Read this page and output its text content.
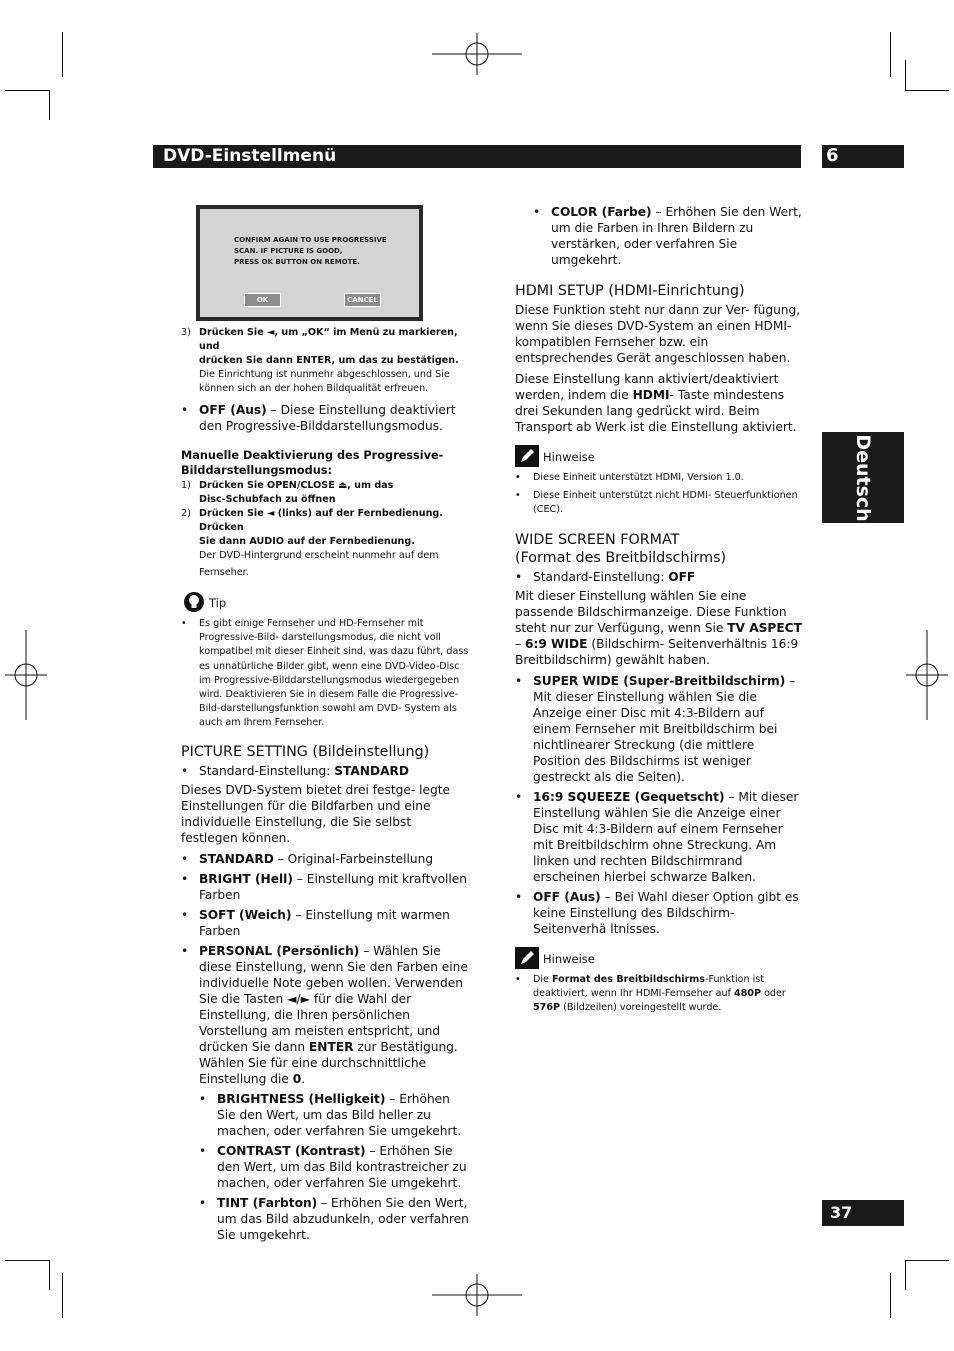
DVD-Einstellmenü	6
Deutsch
37
CONFIRM AGAIN TO USE PROGRESSIVE
SCAN. IF PICTURE IS GOOD,
PRESS OK BUTTON ON REMOTE.
OK	CANCEL
3) Drücken Sie ◄, um „OK“ im Menü zu markieren, und
drücken Sie dann ENTER, um das zu bestätigen.
Die Einrichtung ist nunmehr abgeschlossen, und Sie
können sich an der hohen Bildqualität erfreuen.
• OFF (Aus) – Diese Einstellung deaktiviert den Progressive-Bilddarstellungsmodus.
Manuelle Deaktivierung des Progressive-Bilddarstellungsmodus:
1) Drücken Sie OPEN/CLOSE ⏏, um das
Disc-Schubfach zu öffnen
2) Drücken Sie ◄ (links) auf der Fernbedienung. Drücken
Sie dann AUDIO auf der Fernbedienung.
Der DVD-Hintergrund erscheint nunmehr auf dem
Fernseher.
Tip
• Es gibt einige Fernseher und HD-Fernseher mit Progressive-Bild- darstellungsmodus, die nicht voll kompatibel mit dieser Einheit sind, was dazu führt, dass es unnatürliche Bilder gibt, wenn eine DVD-Video-Disc im Progressive-Bilddarstellungsmodus wiedergegeben wird. Deaktivieren Sie in diesem Falle die Progressive-Bild-darstellungsfunktion sowohl am DVD- System als auch am Ihrem Fernseher.
PICTURE SETTING (Bildeinstellung)
• Standard-Einstellung: STANDARD

Dieses DVD-System bietet drei festge- legte Einstellungen für die Bildfarben und eine individuelle Einstellung, die Sie selbst festlegen können.

• STANDARD – Original-Farbeinstellung
• BRIGHT (Hell) – Einstellung mit kraftvollen Farben
• SOFT (Weich) – Einstellung mit warmen Farben
• PERSONAL (Persönlich) – Wählen Sie diese Einstellung, wenn Sie den Farben eine individuelle Note geben wollen. Verwenden Sie die Tasten ◄/► für die Wahl der Einstellung, die Ihren persönlichen Vorstellung am meisten entspricht, und drücken Sie dann ENTER zur Bestätigung. Wählen Sie für eine durchschnittliche Einstellung die 0.
• BRIGHTNESS (Helligkeit) – Erhöhen Sie den Wert, um das Bild heller zu machen, oder verfahren Sie umgekehrt.
• CONTRAST (Kontrast) – Erhöhen Sie den Wert, um das Bild kontrastreicher zu machen, oder verfahren Sie umgekehrt.
• TINT (Farbton) – Erhöhen Sie den Wert, um das Bild abzudunkeln, oder verfahren Sie umgekehrt.
• COLOR (Farbe) – Erhöhen Sie den Wert, um die Farben in Ihren Bildern zu verstärken, oder verfahren Sie umgekehrt.
HDMI SETUP (HDMI-Einrichtung)

Diese Funktion steht nur dann zur Ver- fügung, wenn Sie dieses DVD-System an einen HDMI-kompatiblen Fernseher bzw. ein entsprechendes Gerät angeschlossen haben.

Diese Einstellung kann aktiviert/deaktiviert werden, indem die HDMI- Taste mindestens drei Sekunden lang gedrückt wird. Beim Transport ab Werk ist die Einstellung aktiviert.

Hinweise
• Diese Einheit unterstützt HDMI, Version 1.0.
• Diese Einheit unterstützt nicht HDMI- Steuerfunktionen (CEC).
WIDE SCREEN FORMAT
(Format des Breitbildschirms)
• Standard-Einstellung: OFF

Mit dieser Einstellung wählen Sie eine passende Bildschirmanzeige. Diese Funktion steht nur zur Verfügung, wenn Sie TV ASPECT – 6:9 WIDE (Bildschirm- Seitenverhältnis 16:9 Breitbildschirm) gewählt haben.

• SUPER WIDE (Super-Breitbildschirm) – Mit dieser Einstellung wählen Sie die Anzeige einer Disc mit 4:3-Bildern auf einem Fernseher mit Breitbildschirm bei nichtlinearer Streckung (die mittlere Position des Bildschirms ist weniger gestreckt als die Seiten).
• 16:9 SQUEEZE (Gequetscht) – Mit dieser Einstellung wählen Sie die Anzeige einer Disc mit 4:3-Bildern auf einem Fernseher mit Breitbildschirm ohne Streckung. Am linken und rechten Bildschirmrand erscheinen hierbei schwarze Balken.
• OFF (Aus) – Bei Wahl dieser Option gibt es keine Einstellung des Bildschirm-Seitenverhä ltnisses.
Hinweise
• Die Format des Breitbildschirms-Funktion ist deaktiviert, wenn Ihr HDMI-Fernseher auf 480P oder 576P (Bildzeilen) voreingestellt wurde.
